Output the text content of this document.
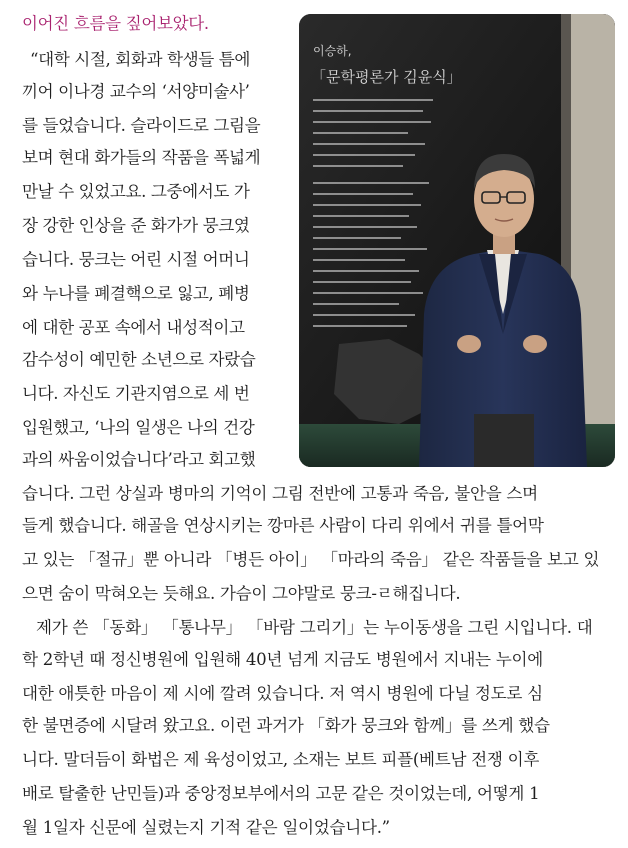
이어진 흐름을 짚어보았다.
이승하,
「문학평론가 김윤식」
“대학 시절, 회화과 학생들 틈에
끼어 이나경 교수의 ‘서양미술사’
를 들었습니다. 슬라이드로 그림을
보며 현대 화가들의 작품을 폭넓게
만날 수 있었고요. 그중에서도 가
장 강한 인상을 준 화가가 뭉크였
습니다. 뭉크는 어린 시절 어머니
와 누나를 폐결핵으로 잃고, 폐병
에 대한 공포 속에서 내성적이고
감수성이 예민한 소년으로 자랐습
니다. 자신도 기관지염으로 세 번
입원했고, ‘나의 일생은 나의 건강
과의 싸움이었습니다’라고 회고했
습니다. 그런 상실과 병마의 기억이 그림 전반에 고통과 죽음, 불안을 스며
들게 했습니다. 해골을 연상시키는 깡마른 사람이 다리 위에서 귀를 틀어막
고 있는 「절규」뿐 아니라 「병든 아이」 「마라의 죽음」 같은 작품들을 보고 있
으면 숨이 막혀오는 듯해요. 가슴이 그야말로 뭉크-ㄹ해집니다.
제가 쓴 「동화」 「통나무」 「바람 그리기」는 누이동생을 그린 시입니다. 대
학 2학년 때 정신병원에 입원해 40년 넘게 지금도 병원에서 지내는 누이에
대한 애틋한 마음이 제 시에 깔려 있습니다. 저 역시 병원에 다닐 정도로 심
한 불면증에 시달려 왔고요. 이런 과거가 「화가 뭉크와 함께」를 쓰게 했습
니다. 말더듬이 화법은 제 육성이었고, 소재는 보트 피플(베트남 전쟁 이후
배로 탈출한 난민들)과 중앙정보부에서의 고문 같은 것이었는데, 어떻게 1
월 1일자 신문에 실렸는지 기적 같은 일이었습니다.”
